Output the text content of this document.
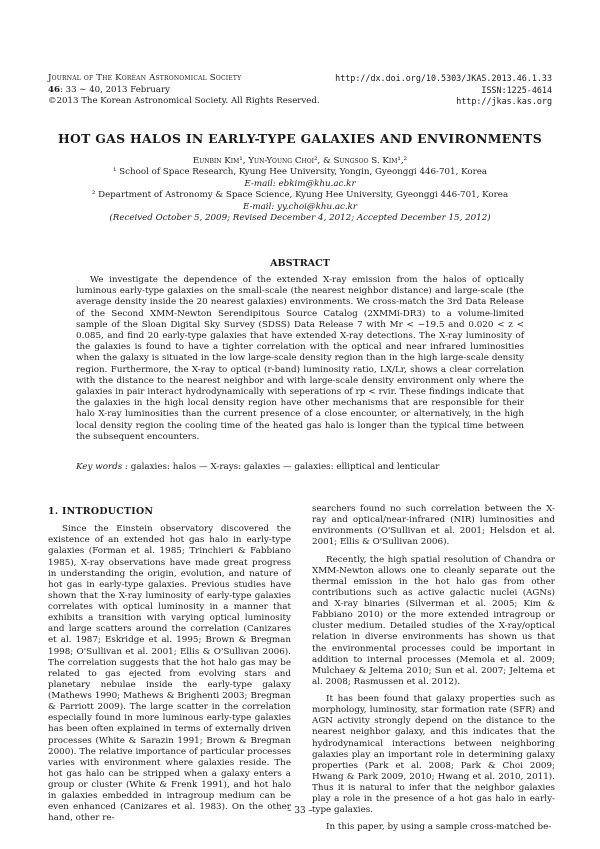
Journal of The Korean Astronomical Society
46: 33 ∼ 40, 2013 February
©2013 The Korean Astronomical Society. All Rights Reserved.
http://dx.doi.org/10.5303/JKAS.2013.46.1.33
ISSN:1225-4614
http://jkas.kas.org
HOT GAS HALOS IN EARLY-TYPE GALAXIES AND ENVIRONMENTS
Eunbin Kim¹, Yun-Young Choi², & Sungsoo S. Kim¹,²
¹ School of Space Research, Kyung Hee University, Yongin, Gyeonggi 446-701, Korea
E-mail: ebkim@khu.ac.kr
² Department of Astronomy & Space Science, Kyung Hee University, Gyeonggi 446-701, Korea
E-mail: yy.choi@khu.ac.kr
(Received October 5, 2009; Revised December 4, 2012; Accepted December 15, 2012)
ABSTRACT
We investigate the dependence of the extended X-ray emission from the halos of optically luminous early-type galaxies on the small-scale (the nearest neighbor distance) and large-scale (the average density inside the 20 nearest galaxies) environments. We cross-match the 3rd Data Release of the Second XMM-Newton Serendipitous Source Catalog (2XMMi-DR3) to a volume-limited sample of the Sloan Digital Sky Survey (SDSS) Data Release 7 with Mr < −19.5 and 0.020 < z < 0.085, and find 20 early-type galaxies that have extended X-ray detections. The X-ray luminosity of the galaxies is found to have a tighter correlation with the optical and near infrared luminosities when the galaxy is situated in the low large-scale density region than in the high large-scale density region. Furthermore, the X-ray to optical (r-band) luminosity ratio, LX/Lr, shows a clear correlation with the distance to the nearest neighbor and with large-scale density environment only where the galaxies in pair interact hydrodynamically with seperations of rp < rvir. These findings indicate that the galaxies in the high local density region have other mechanisms that are responsible for their halo X-ray luminosities than the current presence of a close encounter, or alternatively, in the high local density region the cooling time of the heated gas halo is longer than the typical time between the subsequent encounters.
Key words : galaxies: halos — X-rays: galaxies — galaxies: elliptical and lenticular
1. INTRODUCTION

Since the Einstein observatory discovered the existence of an extended hot gas halo in early-type galaxies (Forman et al. 1985; Trinchieri & Fabbiano 1985), X-ray observations have made great progress in understanding the origin, evolution, and nature of hot gas in early-type galaxies. Previous studies have shown that the X-ray luminosity of early-type galaxies correlates with optical luminosity in a manner that exhibits a transition with varying optical luminosity and large scatters around the correlation (Canizares et al. 1987; Eskridge et al. 1995; Brown & Bregman 1998; O'Sullivan et al. 2001; Ellis & O'Sullivan 2006). The correlation suggests that the hot halo gas may be related to gas ejected from evolving stars and planetary nebulae inside the early-type galaxy (Mathews 1990; Mathews & Brighenti 2003; Bregman & Parriott 2009). The large scatter in the correlation especially found in more luminous early-type galaxies has been often explained in terms of externally driven processes (White & Sarazin 1991; Brown & Bregman 2000). The relative importance of particular processes varies with environment where galaxies reside. The hot gas halo can be stripped when a galaxy enters a group or cluster (White & Frenk 1991), and hot halo in galaxies embedded in intragroup medium can be even enhanced (Canizares et al. 1983). On the other hand, other re-

searchers found no such correlation between the X-ray and optical/near-infrared (NIR) luminosities and environments (O'Sullivan et al. 2001; Helsdon et al. 2001; Ellis & O'Sullivan 2006).

Recently, the high spatial resolution of Chandra or XMM-Newton allows one to cleanly separate out the thermal emission in the hot halo gas from other contributions such as active galactic nuclei (AGNs) and X-ray binaries (Silverman et al. 2005; Kim & Fabbiano 2010) or the more extended intragroup or cluster medium. Detailed studies of the X-ray/optical relation in diverse environments has shown us that the environmental processes could be important in addition to internal processes (Memola et al. 2009; Mulchaey & Jeltema 2010; Sun et al. 2007; Jeltema et al. 2008; Rasmussen et al. 2012).

It has been found that galaxy properties such as morphology, luminosity, star formation rate (SFR) and AGN activity strongly depend on the distance to the nearest neighbor galaxy, and this indicates that the hydrodynamical interactions between neighboring galaxies play an important role in determining galaxy properties (Park et al. 2008; Park & Choi 2009; Hwang & Park 2009, 2010; Hwang et al. 2010, 2011). Thus it is natural to infer that the neighbor galaxies play a role in the presence of a hot gas halo in early-type galaxies.

In this paper, by using a sample cross-matched be-

– 33 –
